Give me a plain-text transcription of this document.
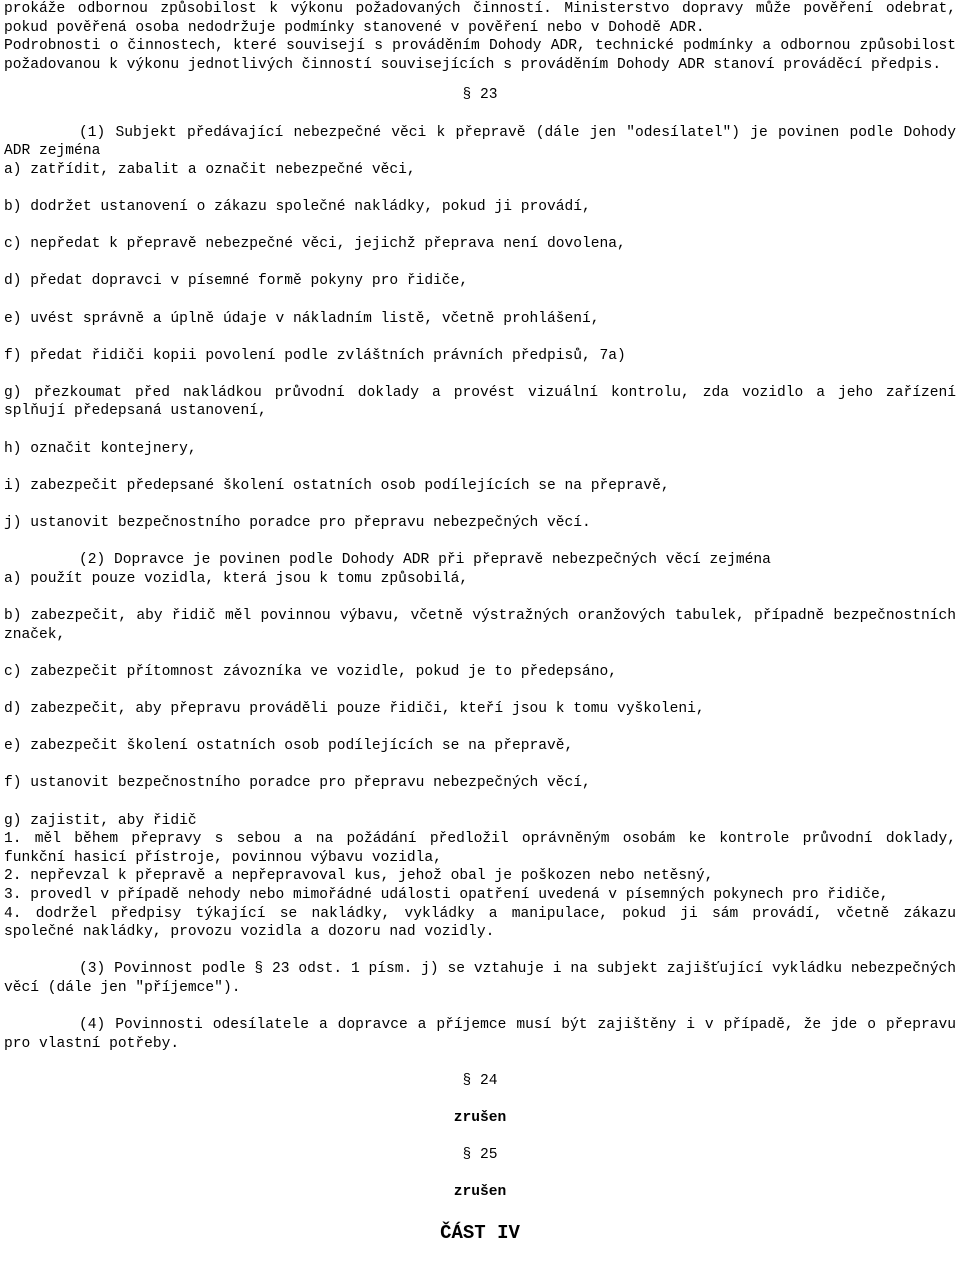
prokáže odbornou způsobilost k výkonu požadovaných činností. Ministerstvo dopravy může pověření odebrat, pokud pověřená osoba nedodržuje podmínky stanovené v pověření nebo v Dohodě ADR.

Podrobnosti o činnostech, které souvisejí s prováděním Dohody ADR, technické podmínky a odbornou způsobilost požadovanou k výkonu jednotlivých činností souvisejících s prováděním Dohody ADR stanoví prováděcí předpis.

§ 23

(1) Subjekt předávající nebezpečné věci k přepravě (dále jen "odesílatel") je povinen podle Dohody ADR zejména

a) zatřídit, zabalit a označit nebezpečné věci,

b) dodržet ustanovení o zákazu společné nakládky, pokud ji provádí,

c) nepředat k přepravě nebezpečné věci, jejichž přeprava není dovolena,

d) předat dopravci v písemné formě pokyny pro řidiče,

e) uvést správně a úplně údaje v nákladním listě, včetně prohlášení,

f) předat řidiči kopii povolení podle zvláštních právních předpisů, 7a)

g) přezkoumat před nakládkou průvodní doklady a provést vizuální kontrolu, zda vozidlo a jeho zařízení splňují předepsaná ustanovení,

h) označit kontejnery,

i) zabezpečit předepsané školení ostatních osob podílejících se na přepravě,

j) ustanovit bezpečnostního poradce pro přepravu nebezpečných věcí.

(2) Dopravce je povinen podle Dohody ADR při přepravě nebezpečných věcí zejména

a) použít pouze vozidla, která jsou k tomu způsobilá,

b) zabezpečit, aby řidič měl povinnou výbavu, včetně výstražných oranžových tabulek, případně bezpečnostních značek,

c) zabezpečit přítomnost závozníka ve vozidle, pokud je to předepsáno,

d) zabezpečit, aby přepravu prováděli pouze řidiči, kteří jsou k tomu vyškoleni,

e) zabezpečit školení ostatních osob podílejících se na přepravě,

f) ustanovit bezpečnostního poradce pro přepravu nebezpečných věcí,

g) zajistit, aby řidič

1. měl během přepravy s sebou a na požádání předložil oprávněným osobám ke kontrole průvodní doklady, funkční hasicí přístroje, povinnou výbavu vozidla,

2. nepřevzal k přepravě a nepřepravoval kus, jehož obal je poškozen nebo netěsný,

3. provedl v případě nehody nebo mimořádné události opatření uvedená v písemných pokynech pro řidiče,

4. dodržel předpisy týkající se nakládky, vykládky a manipulace, pokud ji sám provádí, včetně zákazu společné nakládky, provozu vozidla a dozoru nad vozidly.

(3) Povinnost podle § 23 odst. 1 písm. j) se vztahuje i na subjekt zajišťující vykládku nebezpečných věcí (dále jen "příjemce").

(4) Povinnosti odesílatele a dopravce a příjemce musí být zajištěny i v případě, že jde o přepravu pro vlastní potřeby.

§ 24

zrušen

§ 25

zrušen

ČÁST IV
